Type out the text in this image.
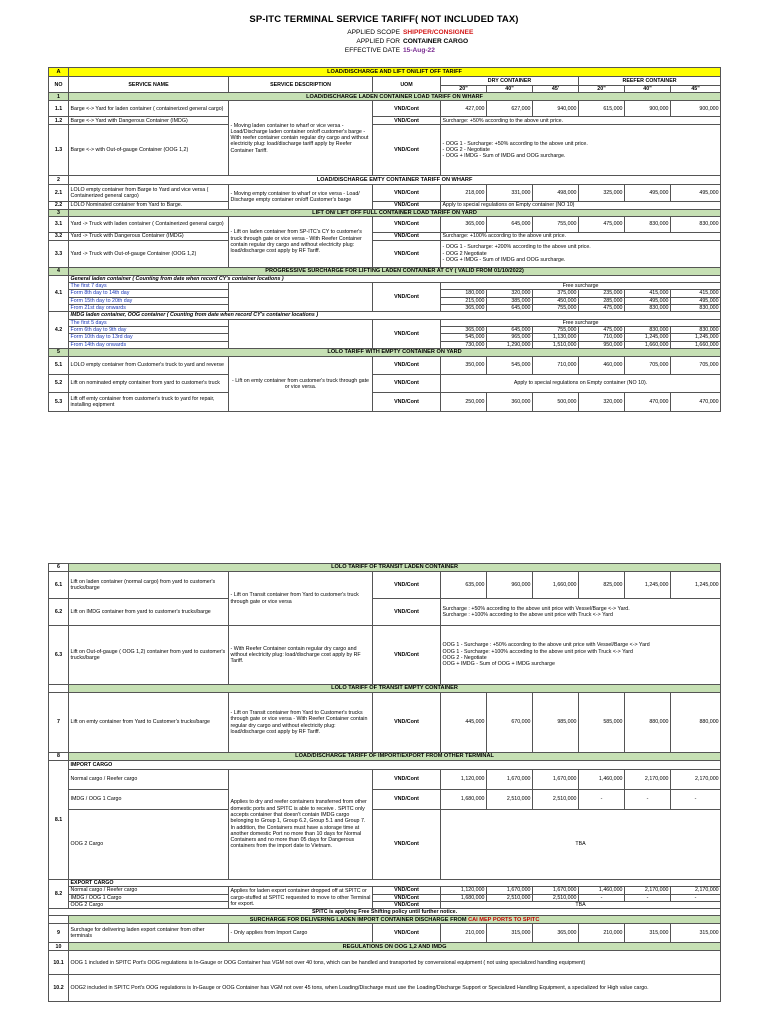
SP-ITC TERMINAL SERVICE TARIFF( NOT INCLUDED TAX)
APPLIED SCOPE SHIPPER/CONSIGNEE
APPLIED FOR CONTAINER CARGO
EFFECTIVE DATE 15-Aug-22
A	LOAD/DISCHARGE AND LIFT ON/LIFT OFF TARIFF								
NO	SERVICE NAME	SERVICE DESCRIPTION	UOM	DRY CONTAINER			REEFER CONTAINER		
				20"	40"	45'	20"	40"	45"
1	LOAD/DISCHARGE LADEN CONTAINER LOAD TARIFF ON WHARF								
1.1	Barge <-> Yard for laden container ( containerized general cargo)	- Moving laden container to wharf or vice versa - Load/Discharge laden container on/off customer's barge - With reefer container contain regular dry cargo and without electricity plug: load/discharge tariff apply by Reefer Container Tariff.	VND/Cont	427,000	627,000	940,000	615,000	900,000	900,000
1.2	Barge <-> Yard with Dangerous Container (IMDG)		VND/Cont	Surcharge: +50% according to the above unit price.					
1.3	Barge <-> with Out-of-gauge Container (OOG 1,2)		VND/Cont	- OOG 1 - Surcharge: +50% according to the above unit price.
- OOG 2 - Negotiate
- OOG + IMDG - Sum of IMDG and OOG surcharge.					

2	LOAD/DISCHARGE EMTY CONTAINER TARIFF ON WHARF								
2.1	LOLO empty container from Barge to Yard and vice versa ( Containerized general cargo)	- Moving empty container to wharf or vice versa - Load/ Discharge empty container on/off Customer's barge	VND/Cont	218,000	331,000	498,000	325,000	495,000	495,000
2.2	LOLO Nominated container from Yard to Barge.		VND/Cont	Apply to special regulations on Empty container (NO 10)					
3	LIFT ON/ LIFT OFF FULL CONTAINER LOAD TARIFF ON YARD								
3.1	Yard -> Truck with laden container ( Containerized general cargo)	- Lift on laden container from SP-ITC's CY to customer's truck through gate or vice versa - With Reefer Container contain regular dry cargo and without electricity plug: load/discharge cost apply by RF Tariff.	VND/Cont	365,000	645,000	755,000	475,000	830,000	830,000
3.2	Yard -> Truck with Dangerous Container (IMDG)		VND/Cont	Surcharge: +100% according to the above unit price.					
3.3	Yard -> Truck with Out-of-gauge Container (OOG 1,2)		VND/Cont	- OOG 1 - Surcharge: +200% according to the above unit price.
- OOG 2 Negotiate
- OOG + IMDG - Sum of IMDG and OOG surcharge.					

4	PROGRESSIVE SURCHARGE FOR LIFTING LADEN CONTAINER AT CY ( VALID FROM 01/10/2022)								
4.1	General laden container ( Counting from date when record CY's container locations )								
	The first 7 days		VND/Cont	Free surcharge					
	Form 8th day to 14th day			180,000	320,000	375,000	235,000	415,000	415,000
	Form 15th day to 20th day			215,000	385,000	450,000	285,000	495,000	495,000
	From 21st day onwards			365,000	645,000	755,000	475,000	830,000	830,000
4.2	IMDG laden container, OOG container ( Counting from date when record CY's container locations )								
	The first 5 days		VND/Cont	Free surcharge					
	Form 6th day to 9th day			365,000	645,000	755,000	475,000	830,000	830,000
	Form 10th day to 13rd day			545,000	965,000	1,130,000	710,000	1,245,000	1,245,000
	From 14th day onwards			730,000	1,290,000	1,510,000	950,000	1,660,000	1,660,000
5	LOLO TARIFF WITH EMPTY CONTAINER ON YARD								
5.1	LOLO empty container from Customer's truck to yard and reverse	- Lift on emty container from customer's truck through gate or vice versa.	VND/Cont	350,000	545,000	710,000	460,000	705,000	705,000
5.2	Lift on nominated empty container from yard to customer's truck		VND/Cont	Apply to special regulations on Empty container (NO 10).					
5.3	Lift off emty container from customer's truck to yard for repair, installing eqipment		VND/Cont	250,000	360,000	500,000	320,000	470,000	470,000
6	LOLO TARIFF OF TRANSIT LADEN CONTAINER								
6.1	Lift on laden container (normal cargo) from yard to customer's trucks/barge	- Lift on Transit container from Yard to customer's truck through gate or vice versa	VND/Cont	635,000	960,000	1,660,000	825,000	1,245,000	1,245,000
6.2	Lift on IMDG container from yard to customer's trucks/barge		VND/Cont	Surcharge : +50% according to the above unit price with Vessel/Barge <-> Yard.
Surcharge : +100% according to the above unit price with Truck <-> Yard					

6.3	Lift on Out-of-gauge ( OOG 1,2) container from yard to customer's trucks/barge	- With Reefer Container contain regular dry cargo and without electricity plug: load/discharge cost apply by RF Tariff.	VND/Cont	OOG 1 - Surcharge : +50% according to the above unit price with Vessel/Barge <-> Yard
OOG 1 - Surcharge: +100% according to the above unit price with Truck <-> Yard
OOG 2 - Negotiate
OOG + IMDG - Sum of OOG + IMDG surcharge					

	LOLO TARIFF OF TRANSIT EMPTY CONTAINER								
7	Lift on emty container from Yard to Customer's trucks/barge	- Lift on Transit container from Yard to Customer's trucks through gate or vice versa - With Reefer Container contain regular dry cargo and without electricity plug: load/discharge cost apply by RF Tariff.	VND/Cont	445,000	670,000	985,000	585,000	880,000	880,000
8	LOAD/DISCHARGE TARIFF OF IMPORT/EXPORT FROM OTHER TERMINAL								
8.1	IMPORT CARGO								
	Normal cargo / Reefer cargo	Applies to dry and reefer containers transferred from other domestic ports and SPITC is able to receive . SPITC only accepts container that doesn't contain IMDG cargo belonging to Group 1, Group 6.2, Group 5.1 and Group 7. In addition, the Containers must have a storage time at another domestic Port no more than 10 days for Normal Containers and no more than 05 days for Dangerous containers from the import date to Vietnam.	VND/Cont	1,120,000	1,670,000	1,670,000	1,460,000	2,170,000	2,170,000
	IMDG / OOG 1 Cargo		VND/Cont	1,680,000	2,510,000	2,510,000	-	-	-
	OOG 2 Cargo		VND/Cont	TBA					
8.2	EXPORT CARGO								
	Normal cargo / Reefer cargo	Applies for laden export container dropped off at SPITC or cargo-stuffed at SPITC requested to move to other Terminal for export.	VND/Cont	1,120,000	1,670,000	1,670,000	1,460,000	2,170,000	2,170,000
	IMDG / OOG 1 Cargo		VND/Cont	1,680,000	2,510,000	2,510,000	-	-	-
	OOG 2 Cargo		VND/Cont	TBA					
SPITC is applying Free Shifting policy until further notice.									
	SURCHARGE FOR DELIVERING LADEN IMPORT CONTAINER DISCHARGE FROM CAI MEP PORTS TO SPITC								
9	Surchage for delivering laden export container from other terminals	- Only applies from Import Cargo	VND/Cont	210,000	315,000	365,000	210,000	315,000	315,000
10	REGULATIONS ON OOG 1,2 AND IMDG								
10.1	OOG 1 included in SPITC Port's OOG regulations is In-Gauge or OOG Container has VGM not over 40 tons, which can be handled and transported by convensional equipment ( not using specialized handling equipment)								
10.2	OOG2 included in SPITC Port's OOG regulations is In-Gauge or OOG Container has VGM not over 45 tons, when Loading/Discharge must use the Loading/Discharge Support or Specialized Handling Equipment, a specialized for High value cargo.								
